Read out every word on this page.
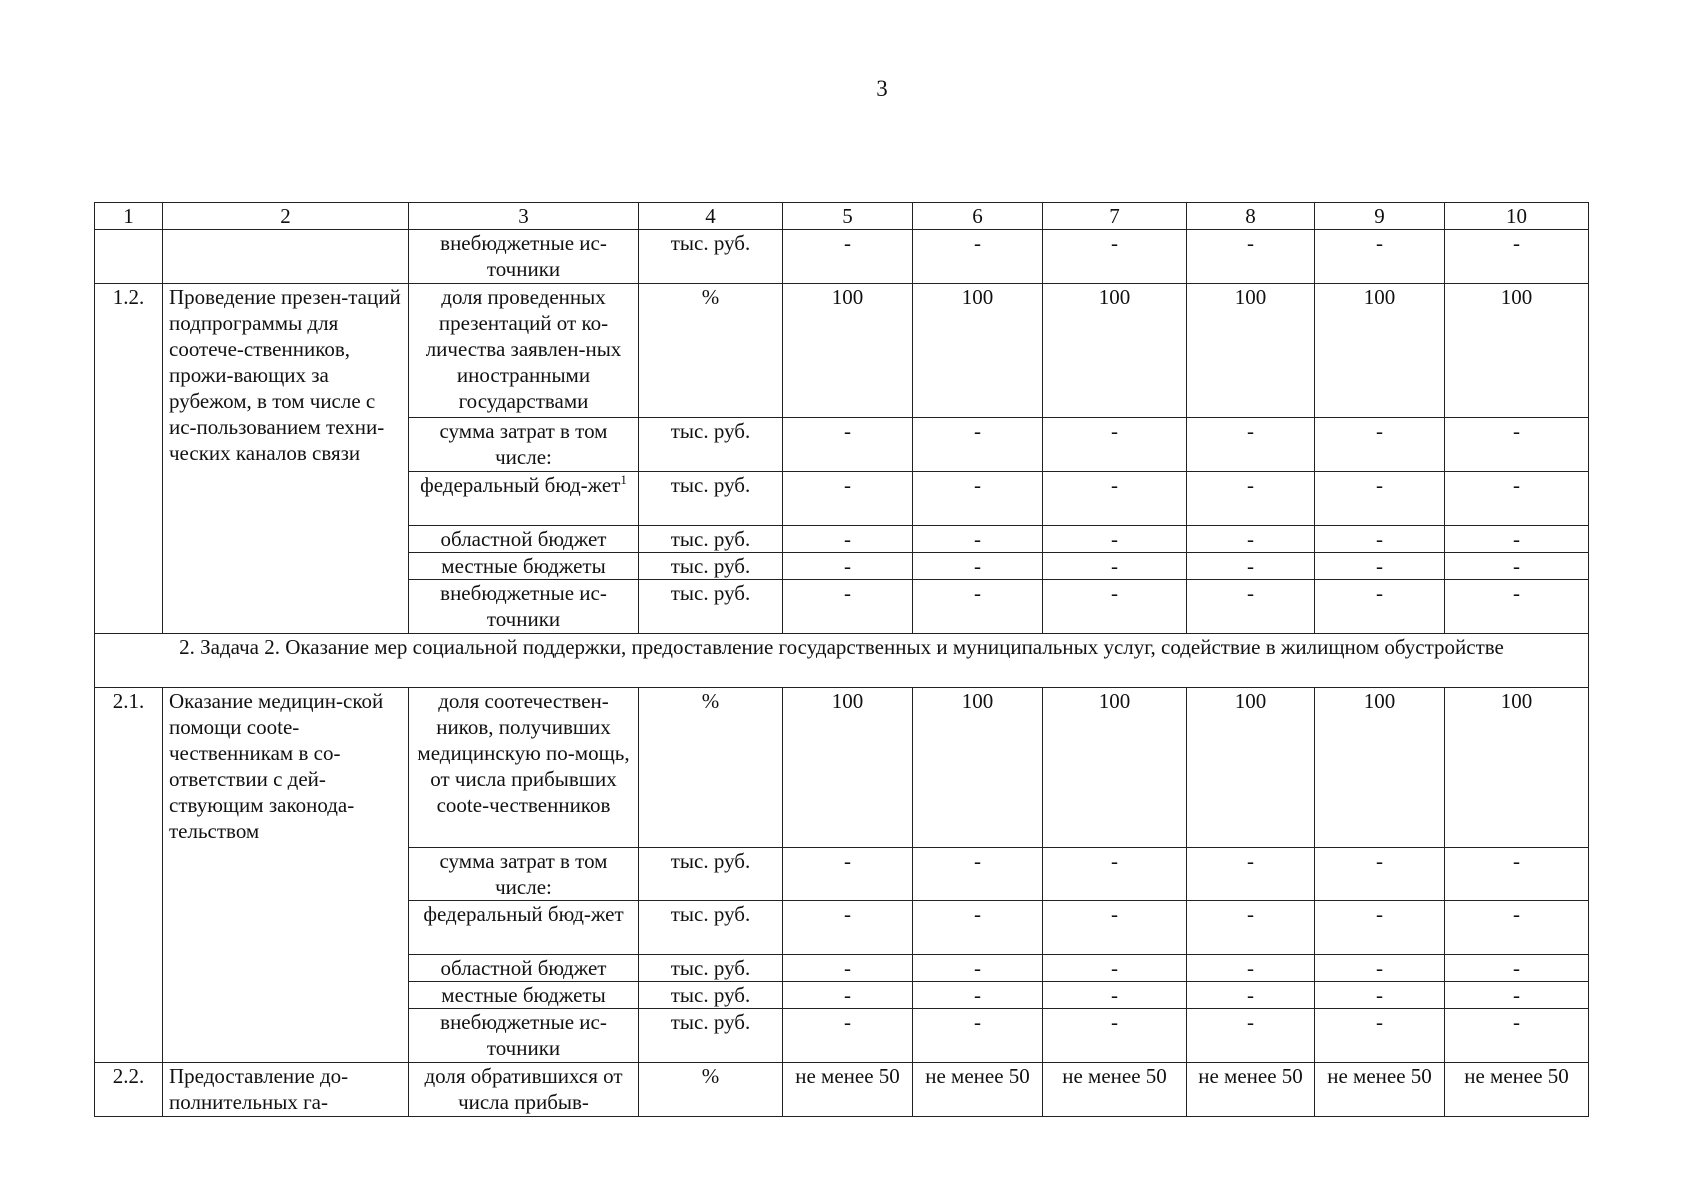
3
1	2	3	4	5	6	7	8	9	10
		внебюджетные ис-точники	тыс. руб.	-	-	-	-	-	-
1.2.	Проведение презен-таций подпрограммы для соотече-ственников, прожи-вающих за рубежом, в том числе с ис-пользованием техни-ческих каналов связи	доля проведенных презентаций от ко-личества заявлен-ных иностранными государствами	%	100	100	100	100	100	100
		сумма затрат в том числе:	тыс. руб.	-	-	-	-	-	-
		федеральный бюд-жет$^1$	тыс. руб.	-	-	-	-	-	-
		областной бюджет	тыс. руб.	-	-	-	-	-	-
		местные бюджеты	тыс. руб.	-	-	-	-	-	-
		внебюджетные ис-точники	тыс. руб.	-	-	-	-	-	-
2. Задача 2. Оказание мер социальной поддержки, предоставление государственных и муниципальных услуг, содействие в жилищном обустройстве									
2.1.	Оказание медицин-ской помощи соote-чественникам в со-ответствии с дей-ствующим законода-тельством	доля соотечествен-ников, получивших медицинскую по-мощь, от числа прибывших соote-чественников	%	100	100	100	100	100	100
		сумма затрат в том числе:	тыс. руб.	-	-	-	-	-	-
		федеральный бюд-жет	тыс. руб.	-	-	-	-	-	-
		областной бюджет	тыс. руб.	-	-	-	-	-	-
		местные бюджеты	тыс. руб.	-	-	-	-	-	-
		внебюджетные ис-точники	тыс. руб.	-	-	-	-	-	-
2.2.	Предоставление до-полнительных га-	доля обратившихся от числа прибыв-	%	не менее 50	не менее 50	не менее 50	не менее 50	не менее 50	не менее 50
